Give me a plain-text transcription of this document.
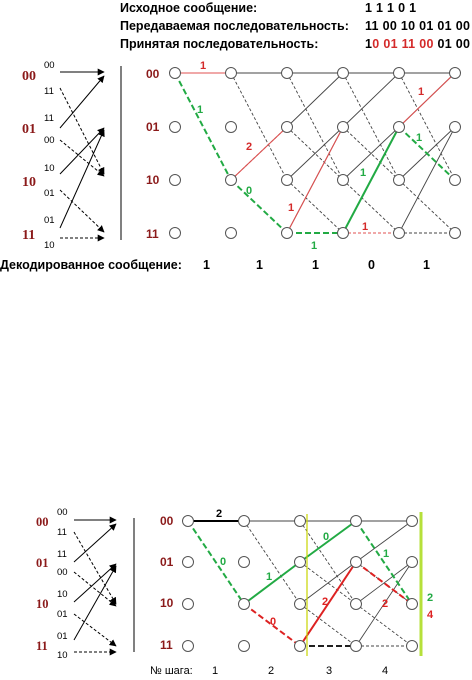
Исходное сообщение:	1 1 1 0 1
Передаваемая последовательность: 11 00 10 01 01 00
Принятая последовательность:	10 01 11 00 01 00
Декодированное сообщение: 1	1	1	0	1
00
01
10
11
00
11
11
00
10
01
01
10
00
01
10
11
1
1
2
0
1
1
1
1
1
1
00
01
10
11
00
11
11
00
10
01
01
10
00
01
10
11
2
0
0
1
0
1
2	2	2
4
№ шага: 1	2	3	4
